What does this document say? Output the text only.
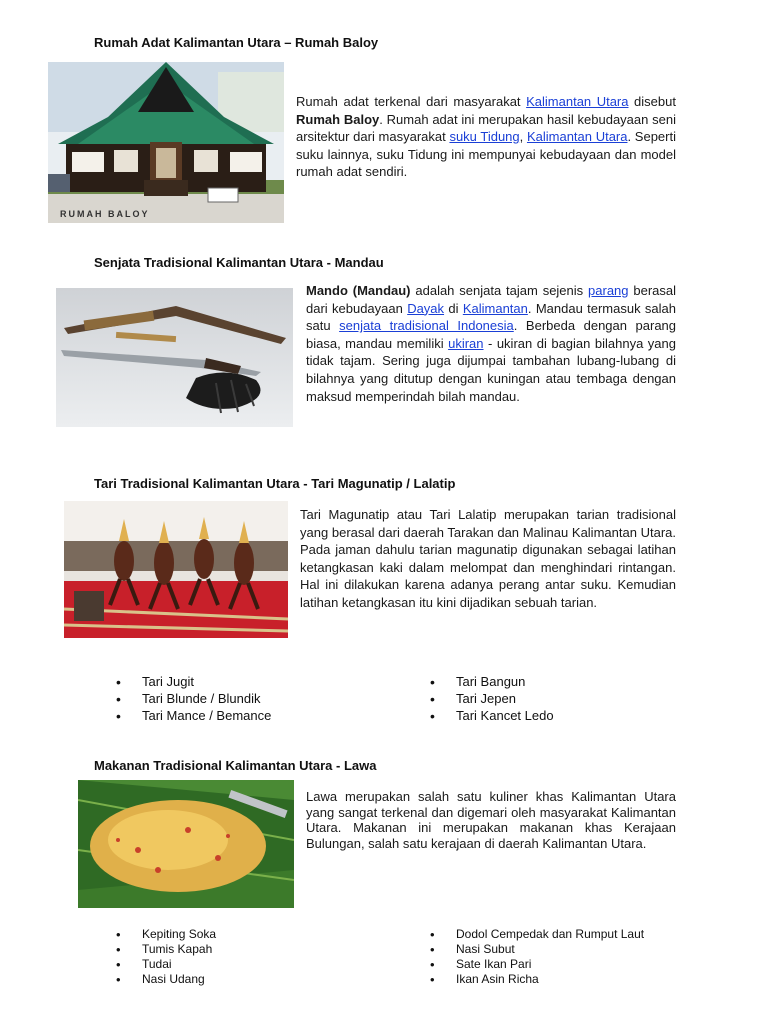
Rumah Adat Kalimantan Utara – Rumah Baloy
RUMAH BALOY
Rumah adat terkenal dari masyarakat Kalimantan Utara disebut Rumah Baloy. Rumah adat ini merupakan hasil kebudayaan seni arsitektur dari masyarakat suku Tidung, Kalimantan Utara. Seperti suku lainnya, suku Tidung ini mempunyai kebudayaan dan model rumah adat sendiri.
Senjata Tradisional Kalimantan Utara - Mandau
Mando (Mandau) adalah senjata tajam sejenis parang berasal dari kebudayaan Dayak di Kalimantan. Mandau termasuk salah satu senjata tradisional Indonesia. Berbeda dengan parang biasa, mandau memiliki ukiran - ukiran di bagian bilahnya yang tidak tajam. Sering juga dijumpai tambahan lubang-lubang di bilahnya yang ditutup dengan kuningan atau tembaga dengan maksud memperindah bilah mandau.
Tari Tradisional Kalimantan Utara - Tari Magunatip / Lalatip
Tari Magunatip atau Tari Lalatip merupakan tarian tradisional yang berasal dari daerah Tarakan dan Malinau Kalimantan Utara. Pada jaman dahulu tarian magunatip digunakan sebagai latihan ketangkasan kaki dalam melompat dan menghindari rintangan. Hal ini dilakukan karena adanya perang antar suku. Kemudian latihan ketangkasan itu kini dijadikan sebuah tarian.
• Tari Jugit
• Tari Blunde / Blundik
• Tari Mance / Bemance
• Tari Bangun
• Tari Jepen
• Tari Kancet Ledo
Makanan Tradisional Kalimantan Utara - Lawa
Lawa merupakan salah satu kuliner khas Kalimantan Utara yang sangat terkenal dan digemari oleh masyarakat Kalimantan Utara. Makanan ini merupakan makanan khas Kerajaan Bulungan, salah satu kerajaan di daerah Kalimantan Utara.
• Kepiting Soka
• Tumis Kapah
• Tudai
• Nasi Udang
• Dodol Cempedak dan Rumput Laut
• Nasi Subut
• Sate Ikan Pari
• Ikan Asin Richa
